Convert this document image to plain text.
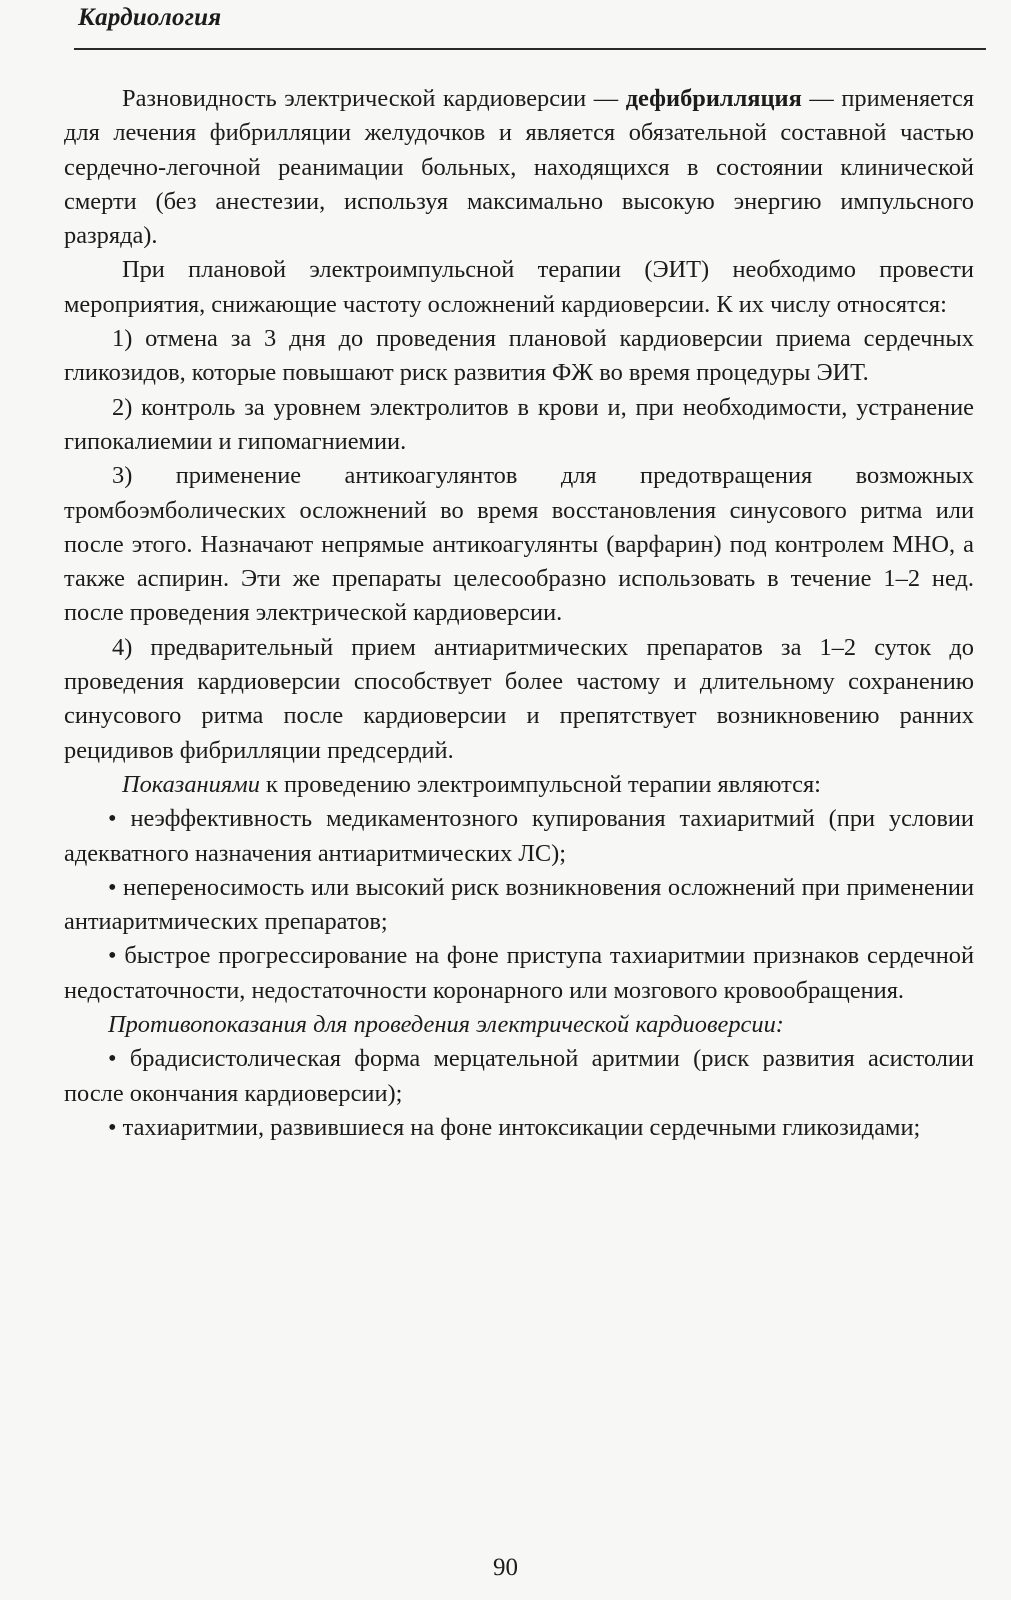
Кардиология

Разновидность электрической кардиоверсии — дефибрилляция — применяется для лечения фибрилляции желудочков и является обязательной составной частью сердечно-легочной реанимации больных, находящихся в состоянии клинической смерти (без анестезии, используя максимально высокую энергию импульсного разряда).

При плановой электроимпульсной терапии (ЭИТ) необходимо провести мероприятия, снижающие частоту осложнений кардиоверсии. К их числу относятся:

1) отмена за 3 дня до проведения плановой кардиоверсии приема сердечных гликозидов, которые повышают риск развития ФЖ во время процедуры ЭИТ.

2) контроль за уровнем электролитов в крови и, при необходимости, устранение гипокалиемии и гипомагниемии.

3) применение антикоагулянтов для предотвращения возможных тромбоэмболических осложнений во время восстановления синусового ритма или после этого. Назначают непрямые антикоагулянты (варфарин) под контролем МНО, а также аспирин. Эти же препараты целесообразно использовать в течение 1–2 нед. после проведения электрической кардиоверсии.

4) предварительный прием антиаритмических препаратов за 1–2 суток до проведения кардиоверсии способствует более частому и длительному сохранению синусового ритма после кардиоверсии и препятствует возникновению ранних рецидивов фибрилляции предсердий.

Показаниями к проведению электроимпульсной терапии являются:

• неэффективность медикаментозного купирования тахиаритмий (при условии адекватного назначения антиаритмических ЛС);

• непереносимость или высокий риск возникновения осложнений при применении антиаритмических препаратов;

• быстрое прогрессирование на фоне приступа тахиаритмии признаков сердечной недостаточности, недостаточности коронарного или мозгового кровообращения.

Противопоказания для проведения электрической кардиоверсии:

• брадисистолическая форма мерцательной аритмии (риск развития асистолии после окончания кардиоверсии);

• тахиаритмии, развившиеся на фоне интоксикации сердечными гликозидами;

90
